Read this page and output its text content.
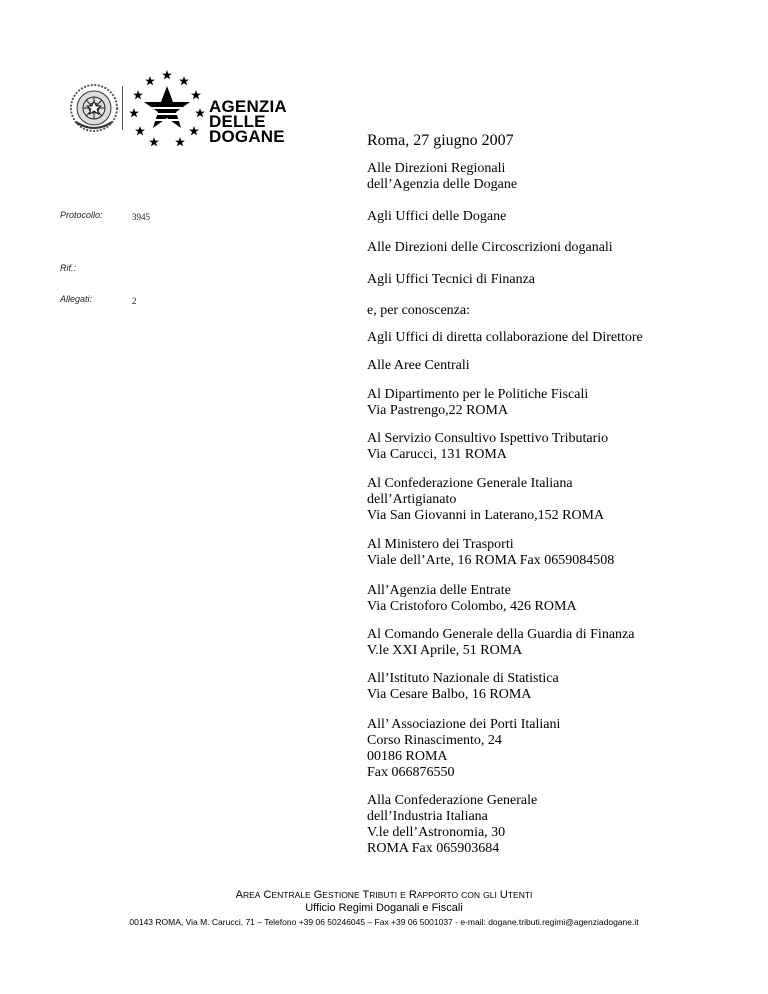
AGENZIA
DELLE
DOGANE	Roma, 27 giugno 2007
Protocollo:	3945
Rif.:
Allegati:	2
Alle Direzioni Regionali
dell’Agenzia delle Dogane
Agli Uffici delle Dogane
Alle Direzioni delle Circoscrizioni doganali
Agli Uffici Tecnici di Finanza
e, per conoscenza:
Agli Uffici di diretta collaborazione del Direttore
Alle Aree Centrali
Al Dipartimento per le Politiche Fiscali
Via Pastrengo,22 ROMA
Al Servizio Consultivo Ispettivo Tributario
Via Carucci, 131 ROMA
Al Confederazione Generale Italiana
dell’Artigianato
Via San Giovanni in Laterano,152 ROMA
Al Ministero dei Trasporti
Viale dell’Arte, 16 ROMA Fax 0659084508
All’Agenzia delle Entrate
Via Cristoforo Colombo, 426 ROMA
Al Comando Generale della Guardia di Finanza
V.le XXI Aprile, 51 ROMA
All’Istituto Nazionale di Statistica
Via Cesare Balbo, 16 ROMA
All’ Associazione dei Porti Italiani
Corso Rinascimento, 24
00186 ROMA
Fax 066876550
Alla Confederazione Generale
dell’Industria Italiana
V.le dell’Astronomia, 30
ROMA Fax 065903684
AREA CENTRALE GESTIONE TRIBUTI E RAPPORTO CON GLI UTENTI
Ufficio Regimi Doganali e Fiscali
00143 ROMA, Via M. Carucci, 71 – Telefono +39 06 50246045 – Fax +39 06 5001037 - e-mail: dogane.tributi.regimi@agenziadogane.it
